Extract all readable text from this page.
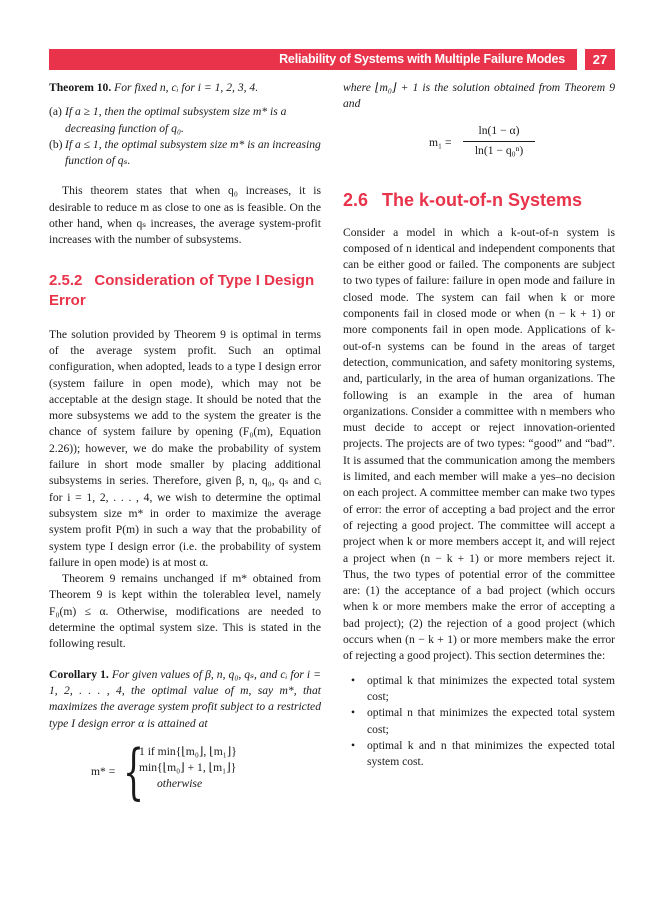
Reliability of Systems with Multiple Failure Modes	27

Theorem 10. For fixed n, cᵢ for i = 1, 2, 3, 4.

(a) If a ≥ 1, then the optimal subsystem size m* is a decreasing function of q₀.
(b) If a ≤ 1, the optimal subsystem size m* is an increasing function of qₛ.

This theorem states that when q₀ increases, it is desirable to reduce m as close to one as is feasible. On the other hand, when qₛ increases, the average system-profit increases with the number of subsystems.

2.5.2 Consideration of Type I Design Error

The solution provided by Theorem 9 is optimal in terms of the average system profit. Such an optimal configuration, when adopted, leads to a type I design error (system failure in open mode), which may not be acceptable at the design stage. It should be noted that the more subsystems we add to the system the greater is the chance of system failure by opening (F₀(m), Equation 2.26)); however, we do make the probability of system failure in short mode smaller by placing additional subsystems in series. Therefore, given β, n, q₀, qₛ and cᵢ for i = 1, 2, . . . , 4, we wish to determine the optimal subsystem size m* in order to maximize the average system profit P(m) in such a way that the probability of system type I design error (i.e. the probability of system failure in open mode) is at most α.

Theorem 9 remains unchanged if m* obtained from Theorem 9 is kept within the tolerableα level, namely F₀(m) ≤ α. Otherwise, modifications are needed to determine the optimal system size. This is stated in the following result.

Corollary 1. For given values of β, n, q₀, qₛ, and cᵢ for i = 1, 2, . . . , 4, the optimal value of m, say m*, that maximizes the average system profit subject to a restricted type I design error α is attained at

m* = {
1 if min{⌊m₀⌋, ⌊m₁⌋}
min{⌊m₀⌋ + 1, ⌊m₁⌋}
otherwise

where ⌊m₀⌋ + 1 is the solution obtained from Theorem 9 and

$m_1 = \frac{\ln(1 - \alpha)}{\text{ln(1 − q₀ⁿ)}}$
2.6 The k-out-of-n Systems

Consider a model in which a k-out-of-n system is composed of n identical and independent components that can be either good or failed. The components are subject to two types of failure: failure in open mode and failure in closed mode. The system can fail when k or more components fail in closed mode or when (n − k + 1) or more components fail in open mode. Applications of k-out-of-n systems can be found in the areas of target detection, communication, and safety monitoring systems, and, particularly, in the area of human organizations. The following is an example in the area of human organizations. Consider a committee with n members who must decide to accept or reject innovation-oriented projects. The projects are of two types: “good” and “bad”. It is assumed that the communication among the members is limited, and each member will make a yes–no decision on each project. A committee member can make two types of error: the error of accepting a bad project and the error of rejecting a good project. The committee will accept a project when k or more members accept it, and will reject a project when (n − k + 1) or more members reject it. Thus, the two types of potential error of the committee are: (1) the acceptance of a bad project (which occurs when k or more members make the error of accepting a bad project); (2) the rejection of a good project (which occurs when (n − k + 1) or more members make the error of rejecting a good project). This section determines the:

• optimal k that minimizes the expected total system cost;
• optimal n that minimizes the expected total system cost;
• optimal k and n that minimizes the expected total system cost.
